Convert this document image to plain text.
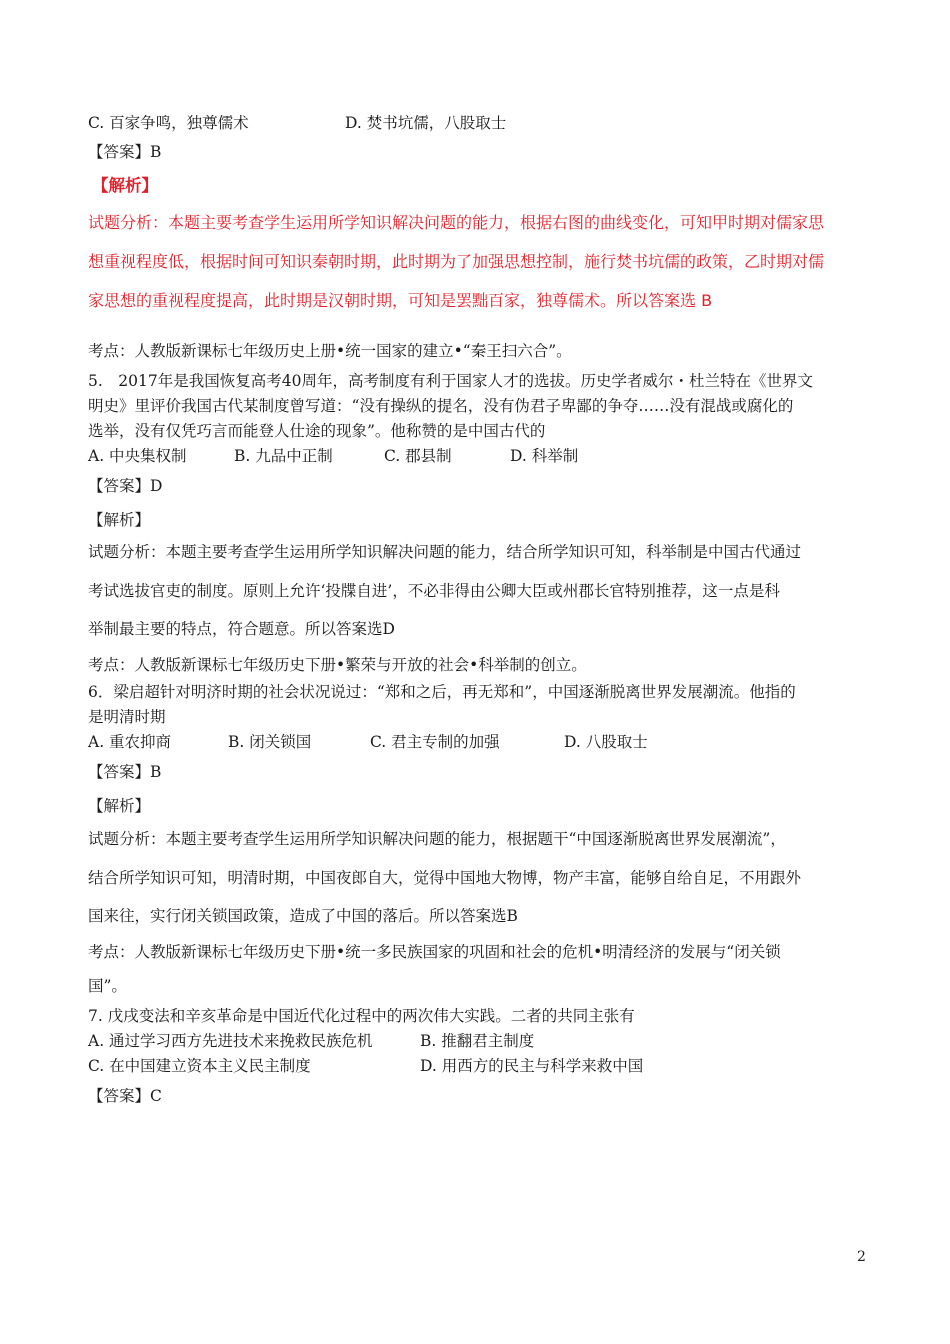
C. 百家争鸣，独尊儒术	D. 焚书坑儒，八股取士
【答案】B
【解析】
试题分析：本题主要考查学生运用所学知识解决问题的能力，根据右图的曲线变化，可知甲时期对儒家思
想重视程度低，根据时间可知识秦朝时期，此时期为了加强思想控制，施行焚书坑儒的政策，乙时期对儒
家思想的重视程度提高，此时期是汉朝时期，可知是罢黜百家，独尊儒术。所以答案选 B
考点：人教版新课标七年级历史上册•统一国家的建立•“秦王扫六合”。
5.　2017年是我国恢复高考40周年，高考制度有利于国家人才的选拔。历史学者威尔・杜兰特在《世界文
明史》里评价我国古代某制度曾写道：“没有操纵的提名，没有伪君子卑鄙的争夺……没有混战或腐化的
选举，没有仅凭巧言而能登人仕途的现象”。他称赞的是中国古代的
A. 中央集权制	B. 九品中正制	C. 郡县制	D. 科举制
【答案】D
【解析】
试题分析：本题主要考查学生运用所学知识解决问题的能力，结合所学知识可知，科举制是中国古代通过
考试选拔官吏的制度。原则上允许‘投牒自进’，不必非得由公卿大臣或州郡长官特别推荐，这一点是科
举制最主要的特点，符合题意。所以答案选D
考点：人教版新课标七年级历史下册•繁荣与开放的社会•科举制的创立。
6．梁启超针对明济时期的社会状况说过：“郑和之后，再无郑和”，中国逐渐脱离世界发展潮流。他指的
是明清时期
A. 重农抑商	B. 闭关锁国	C. 君主专制的加强	D. 八股取士
【答案】B
【解析】
试题分析：本题主要考查学生运用所学知识解决问题的能力，根据题干“中国逐渐脱离世界发展潮流”，
结合所学知识可知，明清时期，中国夜郎自大，觉得中国地大物博，物产丰富，能够自给自足，不用跟外
国来往，实行闭关锁国政策，造成了中国的落后。所以答案选B
考点：人教版新课标七年级历史下册•统一多民族国家的巩固和社会的危机•明清经济的发展与“闭关锁
国”。
7. 戊戌变法和辛亥革命是中国近代化过程中的两次伟大实践。二者的共同主张有
A. 通过学习西方先进技术来挽救民族危机	B. 推翻君主制度
C. 在中国建立资本主义民主制度	D. 用西方的民主与科学来救中国
【答案】C
2
